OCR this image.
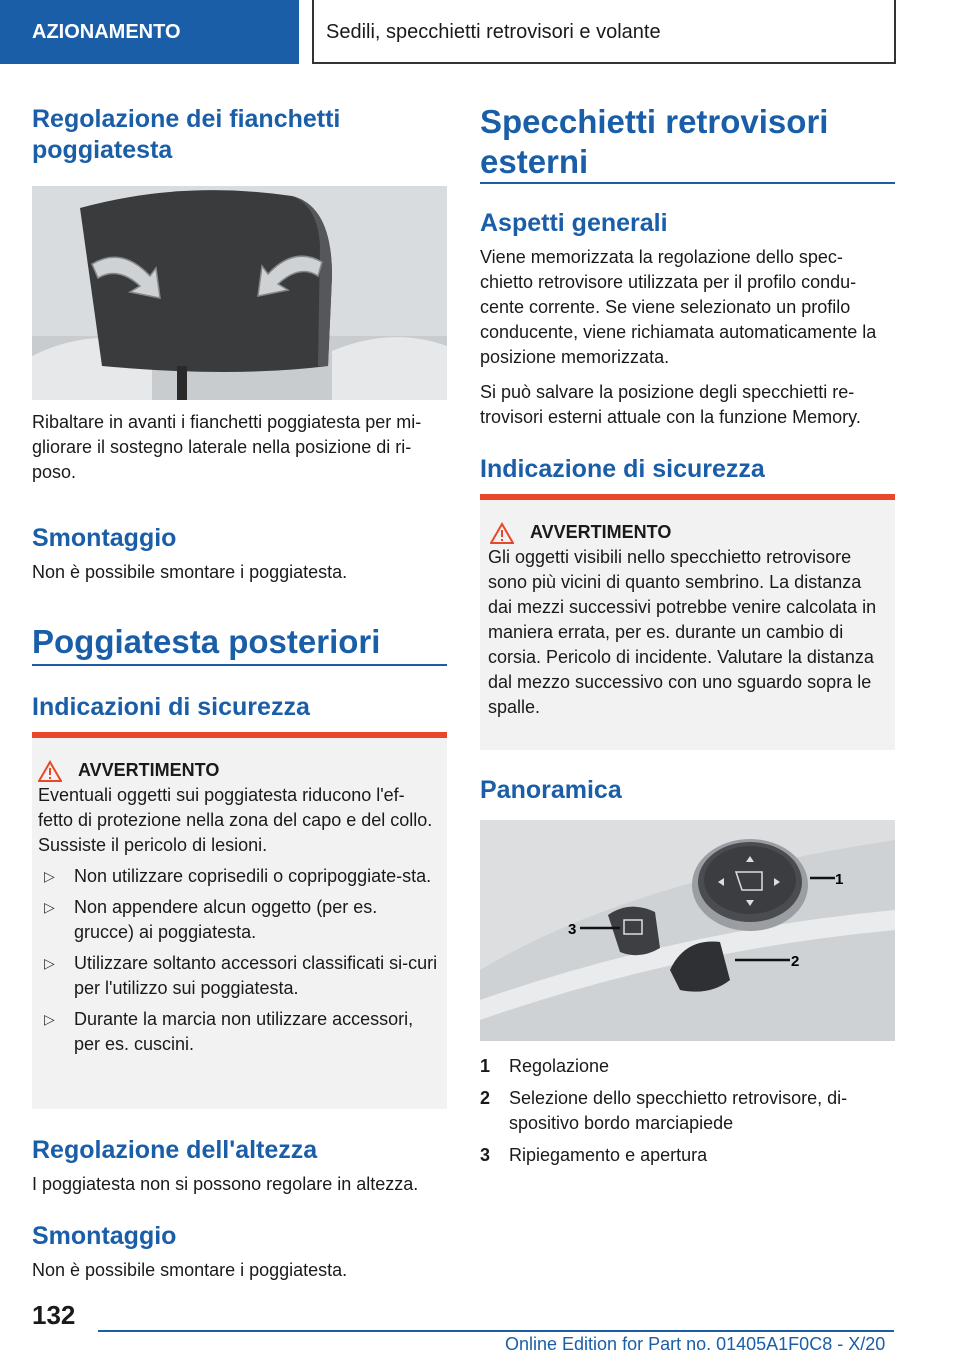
AZIONAMENTO	Sedili, specchietti retrovisori e volante
Regolazione dei fianchetti poggiatesta
Ribaltare in avanti i fianchetti poggiatesta per mi-gliorare il sostegno laterale nella posizione di ri-poso.
Smontaggio
Non è possibile smontare i poggiatesta.
Poggiatesta posteriori
Indicazioni di sicurezza
AVVERTIMENTO
Eventuali oggetti sui poggiatesta riducono l'ef-fetto di protezione nella zona del capo e del collo. Sussiste il pericolo di lesioni.
▷ Non utilizzare coprisedili o copripoggiate-sta.
▷ Non appendere alcun oggetto (per es. grucce) ai poggiatesta.
▷ Utilizzare soltanto accessori classificati si-curi per l'utilizzo sui poggiatesta.
▷ Durante la marcia non utilizzare accessori, per es. cuscini.
Regolazione dell'altezza
I poggiatesta non si possono regolare in altezza.
Smontaggio
Non è possibile smontare i poggiatesta.
Specchietti retrovisori esterni
Aspetti generali
Viene memorizzata la regolazione dello spec-chietto retrovisore utilizzata per il profilo condu-cente corrente. Se viene selezionato un profilo conducente, viene richiamata automaticamente la posizione memorizzata.
Si può salvare la posizione degli specchietti re-trovisori esterni attuale con la funzione Memory.
Indicazione di sicurezza
AVVERTIMENTO
Gli oggetti visibili nello specchietto retrovisore sono più vicini di quanto sembrino. La distanza dai mezzi successivi potrebbe venire calcolata in maniera errata, per es. durante un cambio di corsia. Pericolo di incidente. Valutare la distanza dal mezzo successivo con uno sguardo sopra le spalle.
Panoramica
1
2
3
1 Regolazione
2 Selezione dello specchietto retrovisore, di-spositivo bordo marciapiede
3 Ripiegamento e apertura
132
Online Edition for Part no. 01405A1F0C8 - X/20
